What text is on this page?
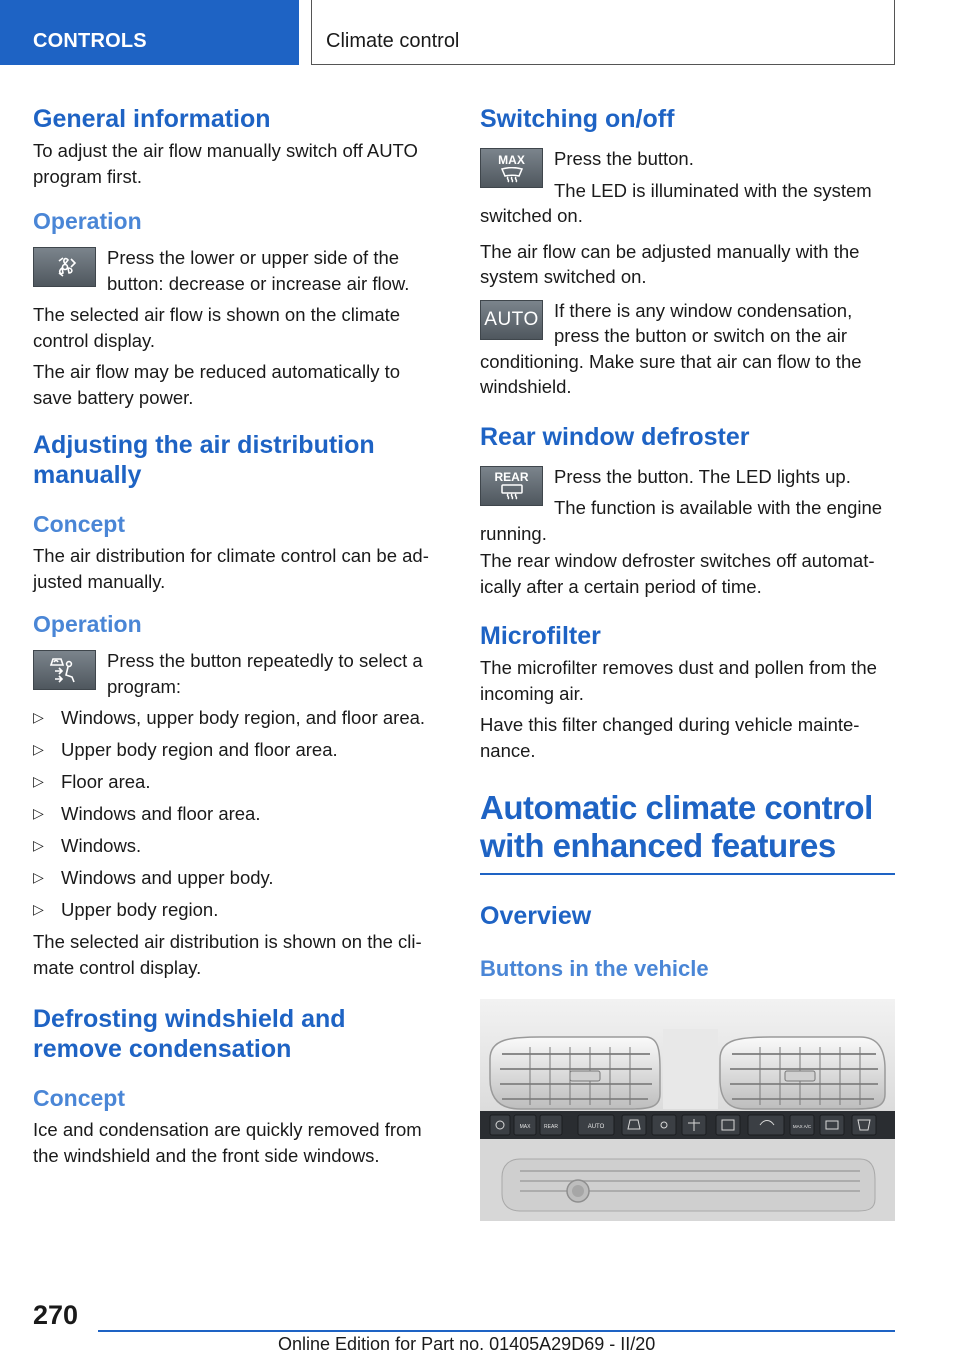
CONTROLS	Climate control
General information
To adjust the air flow manually switch off AUTO program first.
Operation
Press the lower or upper side of the button: decrease or increase air flow.
The selected air flow is shown on the climate control display.
The air flow may be reduced automatically to save battery power.
Adjusting the air distribution manually
Concept
The air distribution for climate control can be ad‐justed manually.
Operation
Press the button repeatedly to select a program:
▷ Windows, upper body region, and floor area.
▷ Upper body region and floor area.
▷ Floor area.
▷ Windows and floor area.
▷ Windows.
▷ Windows and upper body.
▷ Upper body region.
The selected air distribution is shown on the cli‐mate control display.
Defrosting windshield and remove condensation
Concept
Ice and condensation are quickly removed from the windshield and the front side windows.
Switching on/off
MAX	Press the button.
The LED is illuminated with the system switched on.
The air flow can be adjusted manually with the system switched on.
AUTO If there is any window condensation, press the button or switch on the air conditioning. Make sure that air can flow to the windshield.
Rear window defroster
REAR	Press the button. The LED lights up.
The function is available with the engine running.
The rear window defroster switches off automat‐ically after a certain period of time.
Microfilter
The microfilter removes dust and pollen from the incoming air.
Have this filter changed during vehicle mainte‐nance.
Automatic climate control with enhanced features
Overview
Buttons in the vehicle
MAX	REAR	AUTO	MAX A/C
270
Online Edition for Part no. 01405A29D69 - II/20
